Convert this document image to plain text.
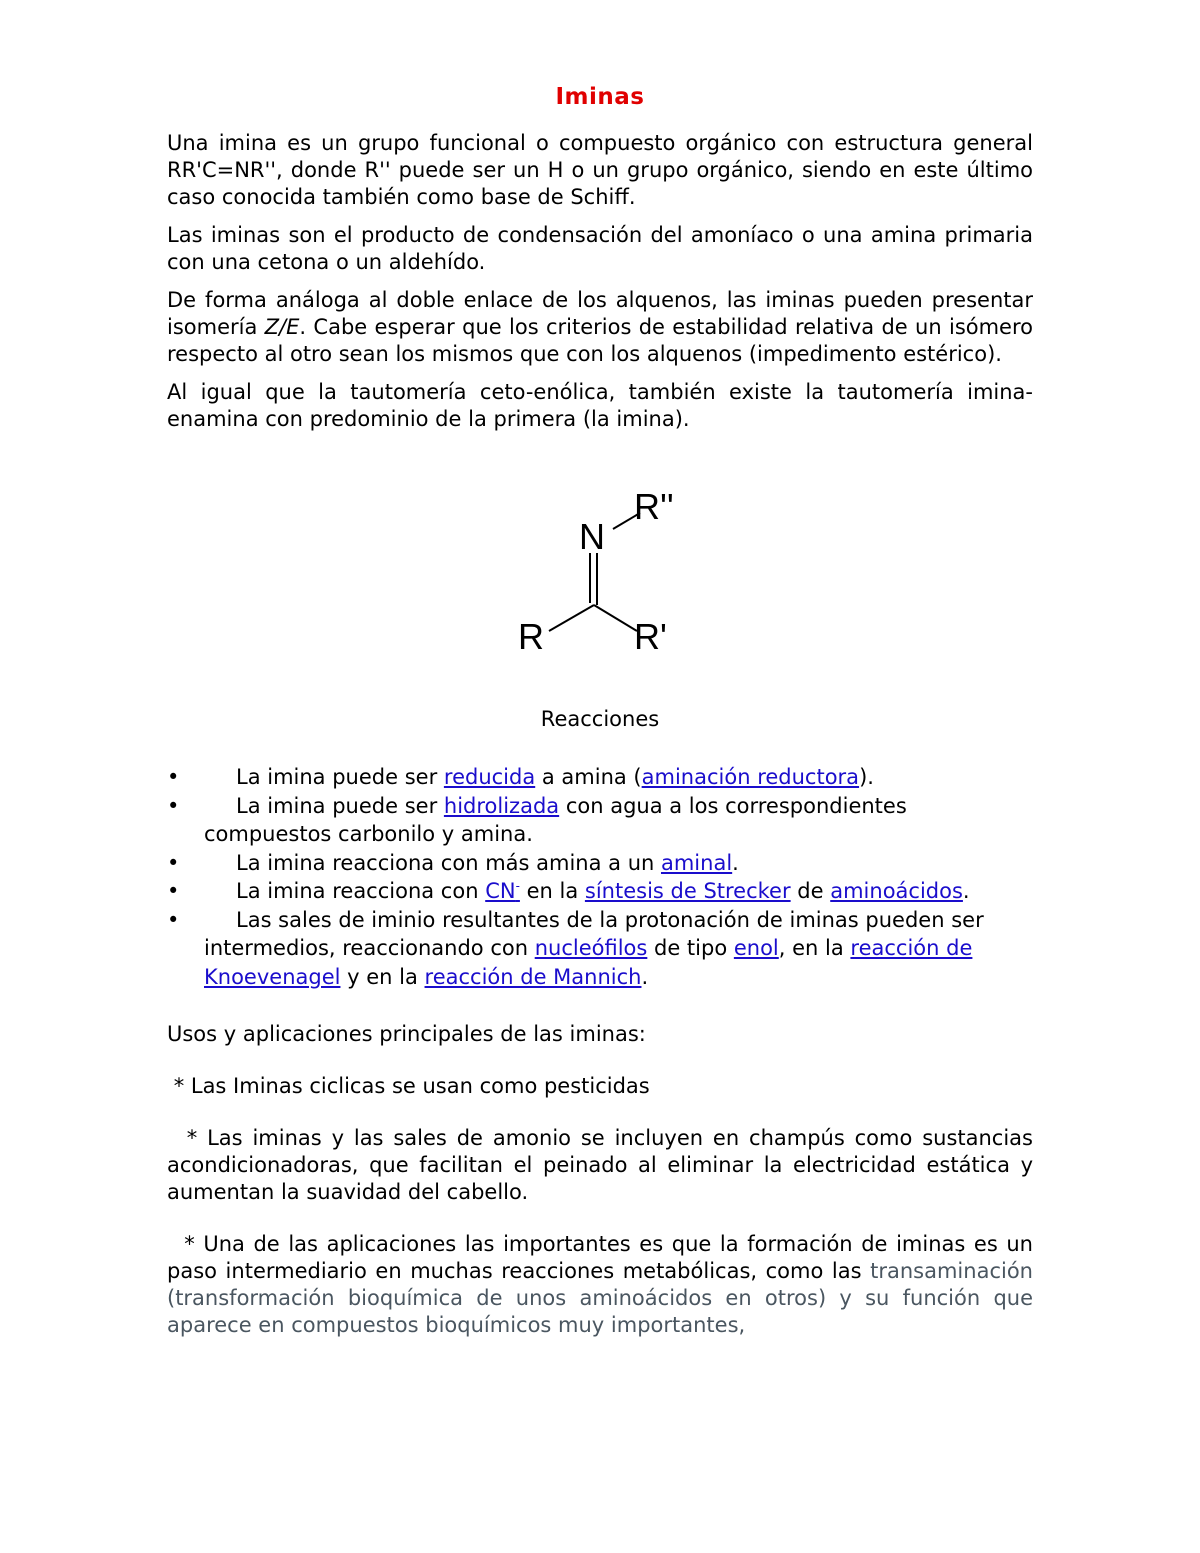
Iminas

Una imina es un grupo funcional o compuesto orgánico con estructura general RR'C=NR'', donde R'' puede ser un H o un grupo orgánico, siendo en este último caso conocida también como base de Schiff.

Las iminas son el producto de condensación del amoníaco o una amina primaria con una cetona o un aldehído.

De forma análoga al doble enlace de los alquenos, las iminas pueden presentar isomería Z/E. Cabe esperar que los criterios de estabilidad relativa de un isómero respecto al otro sean los mismos que con los alquenos (impedimento estérico).

Al igual que la tautomería ceto-enólica, también existe la tautomería imina-enamina con predominio de la primera (la imina).

N
R''
R	R'
Reacciones
•	La imina puede ser reducida a amina (aminación reductora).
•	La imina puede ser hidrolizada con agua a los correspondientes compuestos carbonilo y amina.
•	La imina reacciona con más amina a un aminal.
•	La imina reacciona con CN- en la síntesis de Strecker de aminoácidos.
•	Las sales de iminio resultantes de la protonación de iminas pueden ser intermedios, reaccionando con nucleófilos de tipo enol, en la reacción de Knoevenagel y en la reacción de Mannich.
Usos y aplicaciones principales de las iminas:
* Las Iminas ciclicas se usan como pesticidas
* Las iminas y las sales de amonio se incluyen en champús como sustancias acondicionadoras, que facilitan el peinado al eliminar la electricidad estática y aumentan la suavidad del cabello.
* Una de las aplicaciones las importantes es que la formación de iminas es un paso intermediario en muchas reacciones metabólicas, como las transaminación (transformación bioquímica de unos aminoácidos en otros) y su función que aparece en compuestos bioquímicos muy importantes,
